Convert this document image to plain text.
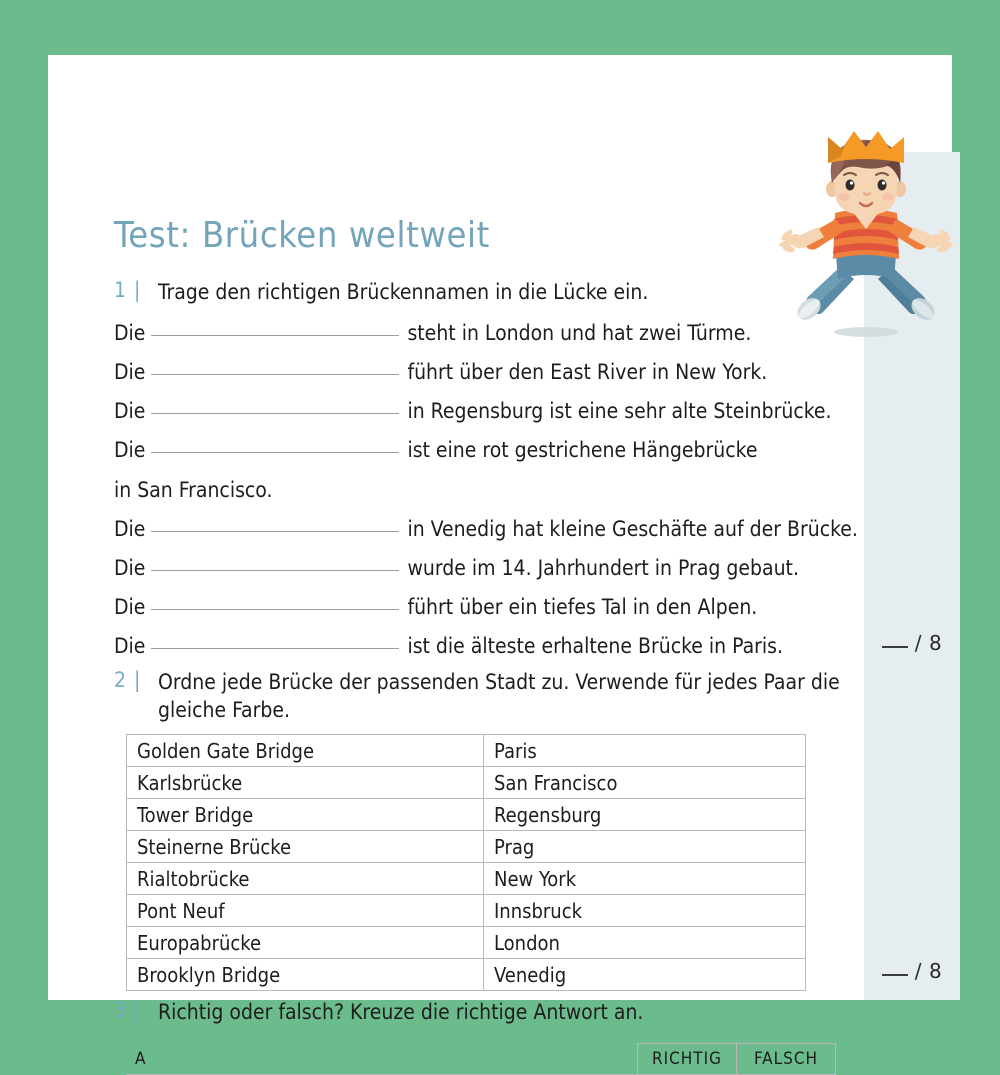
Test: Brücken weltweit
1 | Trage den richtigen Brückennamen in die Lücke ein.
Die	steht in London und hat zwei Türme.
Die	führt über den East River in New York.
Die	in Regensburg ist eine sehr alte Steinbrücke.
Die	ist eine rot gestrichene Hängebrücke
in San Francisco.
Die	in Venedig hat kleine Geschäfte auf der Brücke.
Die	wurde im 14. Jahrhundert in Prag gebaut.
Die	führt über ein tiefes Tal in den Alpen.
Die	ist die älteste erhaltene Brücke in Paris.	/ 8
2 | Ordne jede Brücke der passenden Stadt zu. Verwende für jedes Paar die gleiche Farbe.
Golden Gate Bridge	Paris
Karlsbrücke	San Francisco
Tower Bridge	Regensburg
Steinerne Brücke	Prag
Rialtobrücke	New York
Pont Neuf	Innsbruck
Europabrücke	London
Brooklyn Bridge	Venedig	/ 8
3 | Richtig oder falsch? Kreuze die richtige Antwort an.
A	RICHTIG	FALSCH
